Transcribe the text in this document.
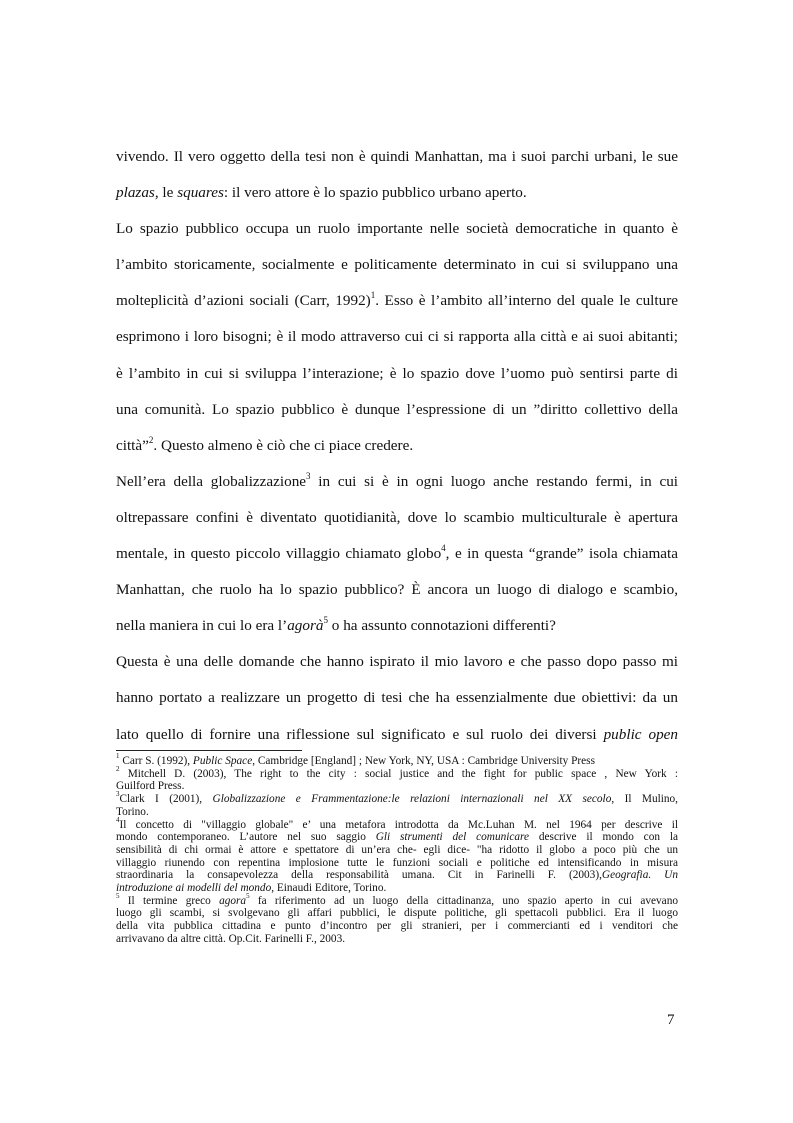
vivendo. Il vero oggetto della tesi non è quindi Manhattan, ma i suoi parchi urbani, le sue
plazas, le squares: il vero attore è lo spazio pubblico urbano aperto.

Lo spazio pubblico occupa un ruolo importante nelle società democratiche in quanto è
l’ambito storicamente, socialmente e politicamente determinato in cui si sviluppano una
molteplicità d’azioni sociali (Carr, 1992)$^1$. Esso è l’ambito all’interno del quale le culture
esprimono i loro bisogni; è il modo attraverso cui ci si rapporta alla città e ai suoi abitanti;
è l’ambito in cui si sviluppa l’interazione; è lo spazio dove l’uomo può sentirsi parte di
una comunità. Lo spazio pubblico è dunque l’espressione di un ”diritto collettivo della
città”$^2$. Questo almeno è ciò che ci piace credere.

Nell’era della globalizzazione$^3$ in cui si è in ogni luogo anche restando fermi, in cui
oltrepassare confini è diventato quotidianità, dove lo scambio multiculturale è apertura
mentale, in questo piccolo villaggio chiamato globo$^4$, e in questa “grande” isola chiamata
Manhattan, che ruolo ha lo spazio pubblico? È ancora un luogo di dialogo e scambio,
nella maniera in cui lo era l’agorà$^5$ o ha assunto connotazioni differenti?

Questa è una delle domande che hanno ispirato il mio lavoro e che passo dopo passo mi
hanno portato a realizzare un progetto di tesi che ha essenzialmente due obiettivi: da un
lato quello di fornire una riflessione sul significato e sul ruolo dei diversi public open

$^1$ Carr S. (1992), Public Space, Cambridge [England] ; New York, NY, USA : Cambridge University Press

$^2$ Mitchell D. (2003), The right to the city : social justice and the fight for public space , New York :
Guilford Press.

$^3$Clark I (2001), Globalizzazione e Frammentazione:le relazioni internazionali nel XX secolo, Il Mulino,
Torino.

$^4$Il concetto di "villaggio globale" e’ una metafora introdotta da Mc.Luhan M. nel 1964 per descrive il
mondo contemporaneo. L’autore nel suo saggio Gli strumenti del comunicare descrive il mondo con la
sensibilità di chi ormai è attore e spettatore di un’era che- egli dice- "ha ridotto il globo a poco più che un
villaggio riunendo con repentina implosione tutte le funzioni sociali e politiche ed intensificando in misura
straordinaria la consapevolezza della responsabilità umana. Cit in Farinelli F. (2003),Geografia. Un
introduzione ai modelli del mondo, Einaudi Editore, Torino.

$^5$ Il termine greco agora$^5$ fa riferimento ad un luogo della cittadinanza, uno spazio aperto in cui avevano
luogo gli scambi, si svolgevano gli affari pubblici, le dispute politiche, gli spettacoli pubblici. Era il luogo
della vita pubblica cittadina e punto d’incontro per gli stranieri, per i commercianti ed i venditori che
arrivavano da altre città. Op.Cit. Farinelli F., 2003.

7
